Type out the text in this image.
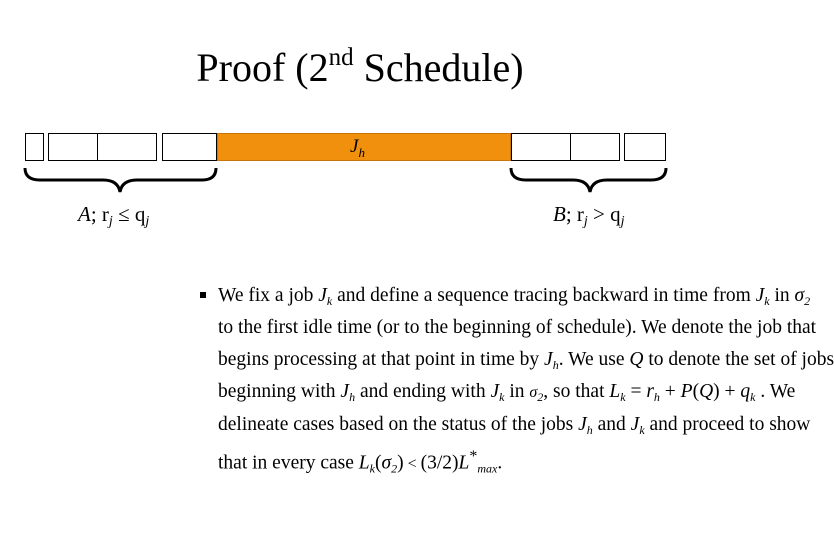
Proof (2nd Schedule)
$J_h$
A; $r_j \le q_j$	B; $r_j > q_j$
We fix a job $J_k$ and define a sequence tracing backward in time from $J_k$ in $\sigma_2$
to the first idle time (or to the beginning of schedule). We denote the job that
begins processing at that point in time by $J_h$. We use Q to denote the set of jobs
beginning with $J_h$ and ending with $J_k$ in $\sigma_2$, so that $L_k = r_h + P(Q) + q_k$ . We
delineate cases based on the status of the jobs $J_h$ and $J_k$ and proceed to show
that in every case $L_k(\sigma_2) < (3/2)L^*_{max}$.
